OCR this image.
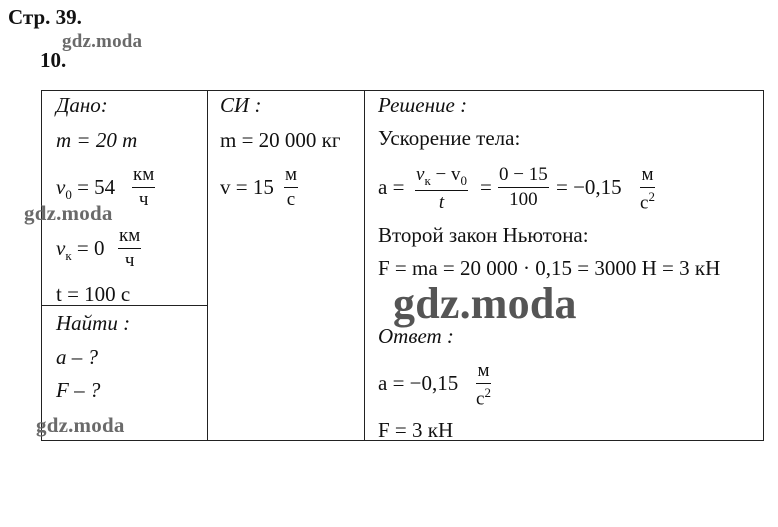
Стр. 39.
gdz.moda
10.
Дано:
m = 20 т
$v_0 = 54$
км
ч
$v_к = 0$
км
ч
t = 100 с
gdz.moda
Найти :
a – ?
F – ?
gdz.moda
СИ :
m = 20 000 кг
v = 15
м
с
Решение :
Ускорение тела:
a =
$v_к - v_0$
t
=
0 − 15
100
= −0,15
м
$с^2$
Второй закон Ньютона:
F = ma = 20 000 · 0,15 = 3000 Н = 3 кН
gdz.moda
Ответ :
a = −0,15
м
$с^2$
F = 3 кН
